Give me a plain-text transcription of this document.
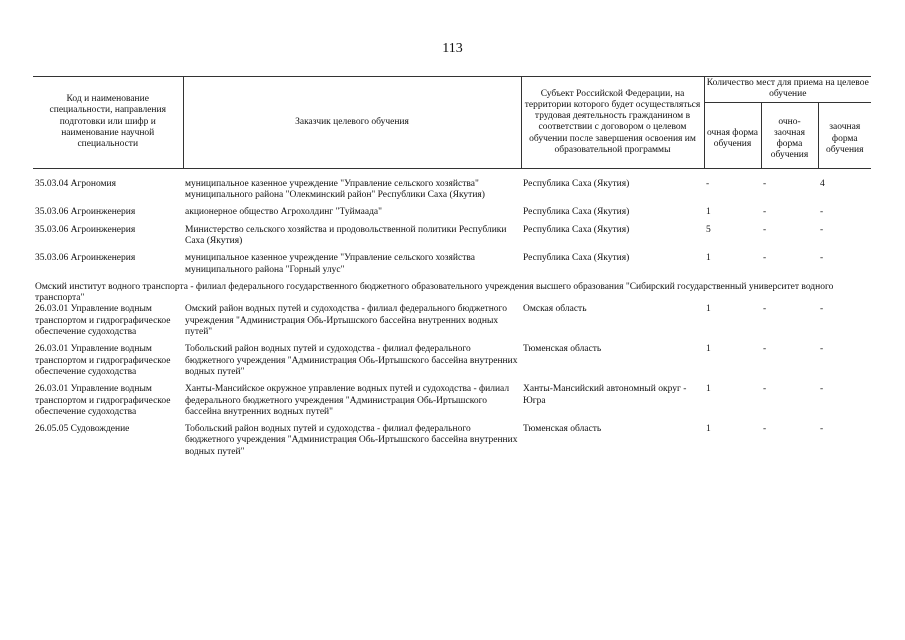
113
Код и наименование специальности, направления подготовки или шифр и наименование научной специальности	Заказчик целевого обучения	Субъект Российской Федерации, на территории которого будет осуществляться трудовая деятельность гражданином в соответствии с договором о целевом обучении после завершения освоения им образовательной программы	Количество мест для приема на целевое обучение		
			очная форма обучения	очно-заочная форма обучения	заочная форма обучения

35.03.04 Агрономия	муниципальное казенное учреждение "Управление сельского хозяйства" муниципального района "Олекминский район" Республики Саха (Якутия)	Республика Саха (Якутия)	-	-	4
35.03.06 Агроинженерия	акционерное общество Агрохолдинг "Туймаада"	Республика Саха (Якутия)	1	-	-
35.03.06 Агроинженерия	Министерство сельского хозяйства и продовольственной политики Республики Саха (Якутия)	Республика Саха (Якутия)	5	-	-
35.03.06 Агроинженерия	муниципальное казенное учреждение "Управление сельского хозяйства муниципального района "Горный улус"	Республика Саха (Якутия)	1	-	-
Омский институт водного транспорта - филиал федерального государственного бюджетного образовательного учреждения высшего образования "Сибирский государственный университет водного транспорта"					
26.03.01 Управление водным транспортом и гидрографическое обеспечение судоходства	Омский район водных путей и судоходства - филиал федерального бюджетного учреждения "Администрация Обь-Иртышского бассейна внутренних водных путей"	Омская область	1	-	-
26.03.01 Управление водным транспортом и гидрографическое обеспечение судоходства	Тобольский район водных путей и судоходства - филиал федерального бюджетного учреждения "Администрация Обь-Иртышского бассейна внутренних водных путей"	Тюменская область	1	-	-
26.03.01 Управление водным транспортом и гидрографическое обеспечение судоходства	Ханты-Мансийское окружное управление водных путей и судоходства - филиал федерального бюджетного учреждения "Администрация Обь-Иртышского бассейна внутренних водных путей"	Ханты-Мансийский автономный округ - Югра	1	-	-
26.05.05 Судовождение	Тобольский район водных путей и судоходства - филиал федерального бюджетного учреждения "Администрация Обь-Иртышского бассейна внутренних водных путей"	Тюменская область	1	-	-
